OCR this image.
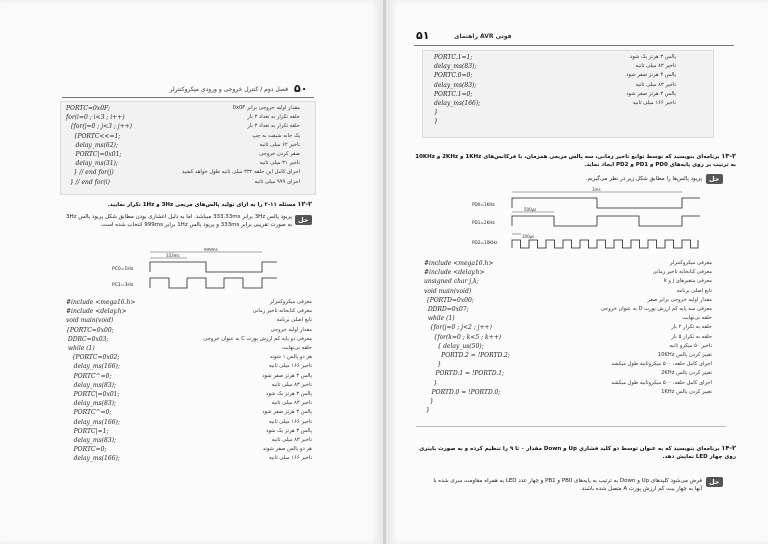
۵۰
فصل دوم / کنترل خروجی و ورودی میکروکنترلر
PORTC=0x0F;
for(i=0 ; i<3 ; i++)
{for(j=0 ; j<3 ; j++)
{PORTC<<=1;
delay_ms(62);
PORTC|=0x01;
delay_ms(31);
} // end for(j)
} // end for(i)
مقدار اولیه خروجی برابر 0x0F
حلقه تکرار به تعداد ۳ بار
حلقه تکرار به تعداد ۳ بار
یک خانه شیفت به چپ
تاخیر ۶۲ میلی ثانیه
صفر کردن خروجی
تاخیر ۳۱ میلی ثانیه
اجرای کامل این حلقه ۳۳۲ میلی ثانیه طول خواهد کشید
اجرای ۹۹۹ میلی ثانیه
۱۲-۲ مسئله ۱۱-۲ را به ازای تولید پالس‌های مربعی 3Hz و 1Hz تکرار نمایید.
پریود پالس 3Hz برابر 333.33ms میباشد. اما به دلیل اعشاری بودن مطابق شکل پریود پالس 3Hz به صورت تقریبی برابر 333ms و پریود پالس 1Hz برابر 999ms انتخاب شده است.
حل
999ms
333ms
PC0=1Hz
PC1=3Hz
#include <mega16.h>
#include <delay.h>
void main(void)
{PORTC=0x00;
DDRC=0x03;
while (1)
{PORTC=0x02;
delay_ms(166);
PORTC^=0;
delay_ms(83);
PORTC|=0x01;
delay_ms(83);
PORTC^=0;
delay_ms(166);
PORTC|=1;
delay_ms(83);
PORTC=0;
delay_ms(166);
معرفی میکروکنترلر
معرفی کتابخانه تاخیر زمانی
تابع اصلی برنامه
مقدار اولیه خروجی
معرفی دو پایه کم ارزش پورت C به عنوان خروجی
حلقه بی‌نهایت
هر دو پالس ۱ شوند
تاخیر ۱۶۶ میلی ثانیه
پالس ۳ هرتز صفر شود
تاخیر ۸۳ میلی ثانیه
پالس ۳ هرتز یک شود
تاخیر ۸۳ میلی ثانیه
پالس ۳ هرتز صفر شود
تاخیر ۱۶۶ میلی ثانیه
پالس ۳ هرتز یک شود
تاخیر ۸۳ میلی ثانیه
هر دو پالس صفر شوند
تاخیر ۱۶۶ میلی ثانیه
۵۱	راهنمای AVR فوتی
PORTC.1=1;
delay_ms(83);
PORTC.0=0;
delay_ms(83);
PORTC.1=0;
delay_ms(166);
}
}
پالس ۳ هرتز یک شود
تاخیر ۸۳ میلی ثانیه
پالس ۳ هرتز صفر شود
تاخیر ۸۳ میلی ثانیه
پالس ۳ هرتز صفر شود
تاخیر ۱۶۶ میلی ثانیه
۱۳-۲ برنامه‌ای بنویسید که توسط توابع تاخیر زمانی، سه پالس مربعی همزمان، با فرکانس‌های 1KHz و 2KHz و 10KHz به ترتیب بر روی پایه‌های PD0 و PD1 و PD2 ایجاد نماید.
حل
پریود پالس‌ها را مطابق شکل زیر در نظر می‌گیریم.
1ms
500μs
100μs
PD0=1KHz
PD1=2KHz
PD2=10KHz
#include <mega16.h>
#include <delay.h>
unsigned char j,k;
void main(void)
{PORTD=0x00;
DDRD=0x07;
while (1)
{for(j=0 ; j<2 ; j++)
{for(k=0 ; k<5 ; k++)
{ delay_us(50);
PORTD.2 = !PORTD.2;
}
PORTD.1 = !PORTD.1;
}
PORTD.0 = !PORTD.0;
}
}
معرفی میکروکنترلر
معرفی کتابخانه تاخیر زمانی
معرفی متغیرهای j و k
تابع اصلی برنامه
مقدار اولیه خروجی برابر صفر
معرفی سه پایه کم ارزش پورت D به عنوان خروجی
حلقه بی‌نهایت
حلقه به تکرار ۲ بار
حلقه به تکرار ۵ بار
تاخیر ۵۰ میکرو ثانیه
تغییر کردن پالس 10KHz
اجرای کامل حلقه، ۵۰۰ میکروثانیه طول میکشد
تغییر کردن پالس 2KHz
اجرای کامل حلقه، ۵۰۰ میکروثانیه طول میکشد
تغییر کردن پالس 1KHz

۱۴-۲ برنامه‌ای بنویسید که به عنوان توسط دو کلید فشاری Up و Down مقدار ۰ تا ۹ را تنظیم کرده و به صورت باینری روی چهار LED نمایش دهد.
حل
فرض می‌شود کلیدهای Up و Down به ترتیب به پایه‌های PB0 و PB1 و چهار عدد LED به همراه مقاومت سری شده با آنها به چهار بیت کم ارزش پورت A متصل شده باشند.
